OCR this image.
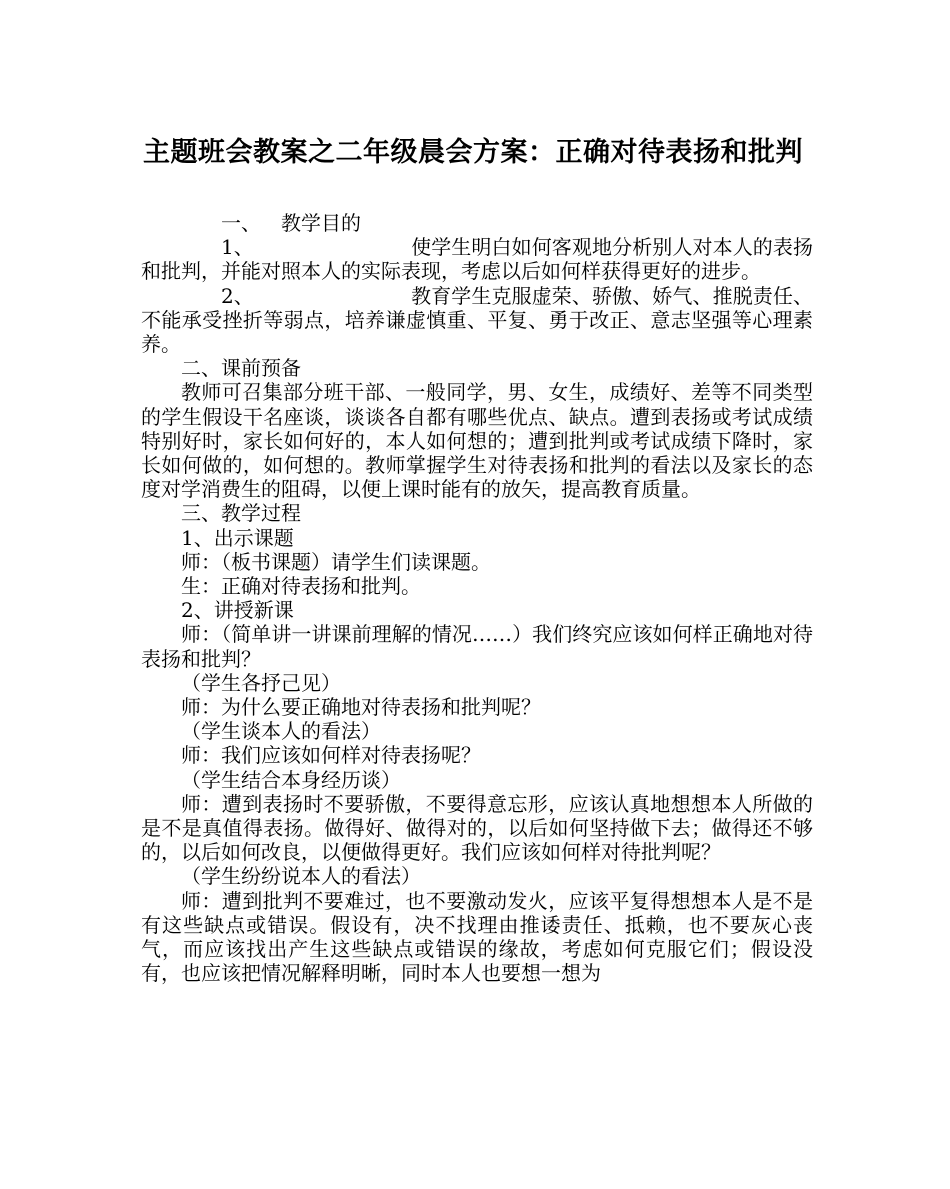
主题班会教案之二年级晨会方案：正确对待表扬和批判

一、 教学目的

1、	使学生明白如何客观地分析别人对本人的表扬和批判，并能对照本人的实际表现，考虑以后如何样获得更好的进步。

2、	教育学生克服虚荣、骄傲、娇气、推脱责任、不能承受挫折等弱点，培养谦虚慎重、平复、勇于改正、意志坚强等心理素养。

二、课前预备

教师可召集部分班干部、一般同学，男、女生，成绩好、差等不同类型的学生假设干名座谈，谈谈各自都有哪些优点、缺点。遭到表扬或考试成绩特别好时，家长如何好的，本人如何想的；遭到批判或考试成绩下降时，家长如何做的，如何想的。教师掌握学生对待表扬和批判的看法以及家长的态度对学消费生的阻碍，以便上课时能有的放矢，提高教育质量。

三、教学过程

1、出示课题

师：（板书课题）请学生们读课题。

生：正确对待表扬和批判。

2、讲授新课

师：（简单讲一讲课前理解的情况……）我们终究应该如何样正确地对待表扬和批判？

（学生各抒己见）

师：为什么要正确地对待表扬和批判呢？

（学生谈本人的看法）

师：我们应该如何样对待表扬呢？

（学生结合本身经历谈）

师：遭到表扬时不要骄傲，不要得意忘形，应该认真地想想本人所做的是不是真值得表扬。做得好、做得对的，以后如何坚持做下去；做得还不够的，以后如何改良，以便做得更好。我们应该如何样对待批判呢？

（学生纷纷说本人的看法）

师：遭到批判不要难过，也不要激动发火，应该平复得想想本人是不是有这些缺点或错误。假设有，决不找理由推诿责任、抵赖，也不要灰心丧气，而应该找出产生这些缺点或错误的缘故，考虑如何克服它们；假设没有，也应该把情况解释明晰，同时本人也要想一想为
